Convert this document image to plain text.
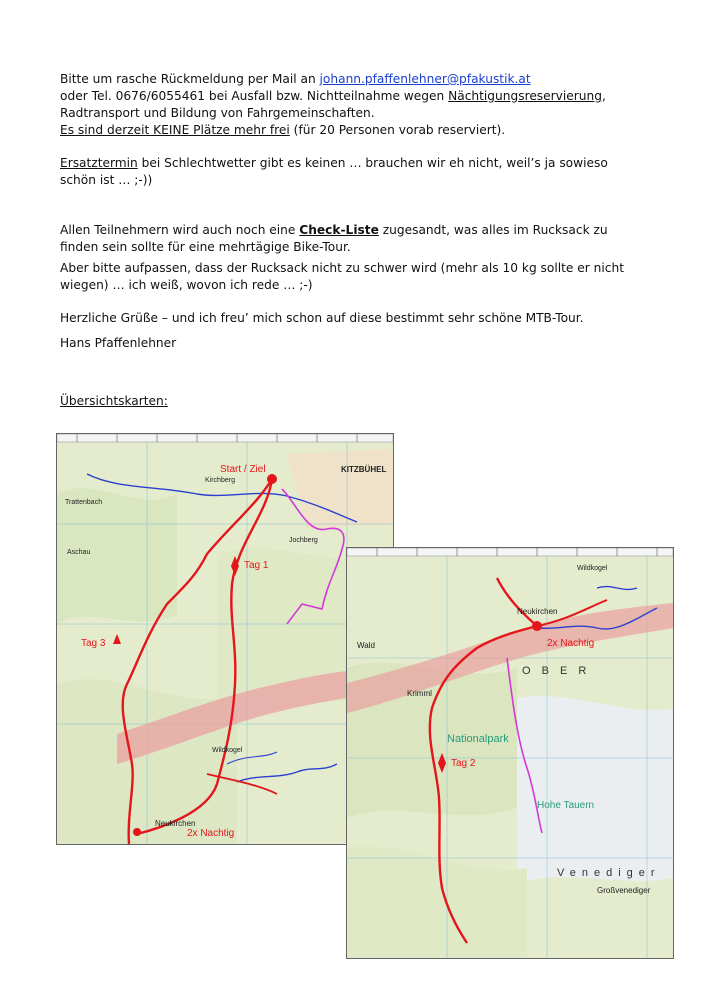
Bitte um rasche Rückmeldung per Mail an johann.pfaffenlehner@pfakustik.at
oder Tel. 0676/6055461 bei Ausfall bzw. Nichtteilnahme wegen Nächtigungsreservierung,
Radtransport und Bildung von Fahrgemeinschaften.
Es sind derzeit KEINE Plätze mehr frei (für 20 Personen vorab reserviert).
Ersatztermin bei Schlechtwetter gibt es keinen … brauchen wir eh nicht, weil’s ja sowieso
schön ist … ;-))
Allen Teilnehmern wird auch noch eine Check-Liste zugesandt, was alles im Rucksack zu
finden sein sollte für eine mehrtägige Bike-Tour.
Aber bitte aufpassen, dass der Rucksack nicht zu schwer wird (mehr als 10 kg sollte er nicht
wiegen) … ich weiß, wovon ich rede … ;-)
Herzliche Grüße – und ich freu’ mich schon auf diese bestimmt sehr schöne MTB-Tour.
Hans Pfaffenlehner
Übersichtskarten:
Start / Ziel
Tag 1
Tag 3
2x Nachtig
KITZBÜHEL
Neukirchen
Kirchberg
Wildkogel
Trattenbach
Aschau
Jochberg
2x Nachtig
Tag 2
Nationalpark
Hohe Tauern
Neukirchen
Wildkogel
Krimml
Venediger
Großvenediger
O B E R
Wald
